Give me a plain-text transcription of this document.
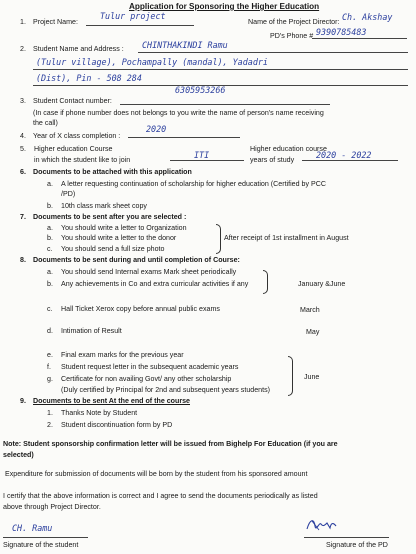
Application for Sponsoring the Higher Education
1. Project Name:
Tulur project
Name of the Project Director: Ch. Akshay
PD's Phone # 9390785483
2. Student Name and Address : CHINTHAKINDI Ramu
(Tulur village), Pochampally (mandal), Yadadri
(Dist), Pin - 508 284
6305953266
3. Student Contact number:
(In case if phone number does not belongs to you write the name of person's name receiving
the call)
4. Year of X class completion :
2020
5. Higher education Course
in which the student like to join	ITI
Higher education course
years of study	2020 - 2022
6. Documents to be attached with this application
a. A letter requesting continuation of scholarship for higher education (Certified by PCC
/PD)
b. 10th class mark sheet copy
7. Documents to be sent after you are selected :
a. You should write a letter to Organization
b. You should write a letter to the donor
c. You should send a full size photo
After receipt of 1st installment in August
8. Documents to be sent during and until completion of Course:
a. You should send Internal exams Mark sheet periodically
b. Any achievements in Co and extra curricular activities if any	January &June
c. Hall Ticket Xerox copy before annual public exams	March
d. Intimation of Result	May
e. Final exam marks for the previous year
f. Student request letter in the subsequent academic years
g. Certificate for non availing Govt/ any other scholarship
(Duly certified by Principal for 2nd and subsequent years students)
June
9. Documents to be sent At the end of the course
1. Thanks Note by Student
2. Student discontinuation form by PD
Note: Student sponsorship confirmation letter will be issued from Bighelp For Education (if you are
selected)
Expenditure for submission of documents will be born by the student from his sponsored amount
I certify that the above information is correct and I agree to send the documents periodically as listed
above through Project Director.
CH. Ramu
Signature of the student	Signature of the PD
